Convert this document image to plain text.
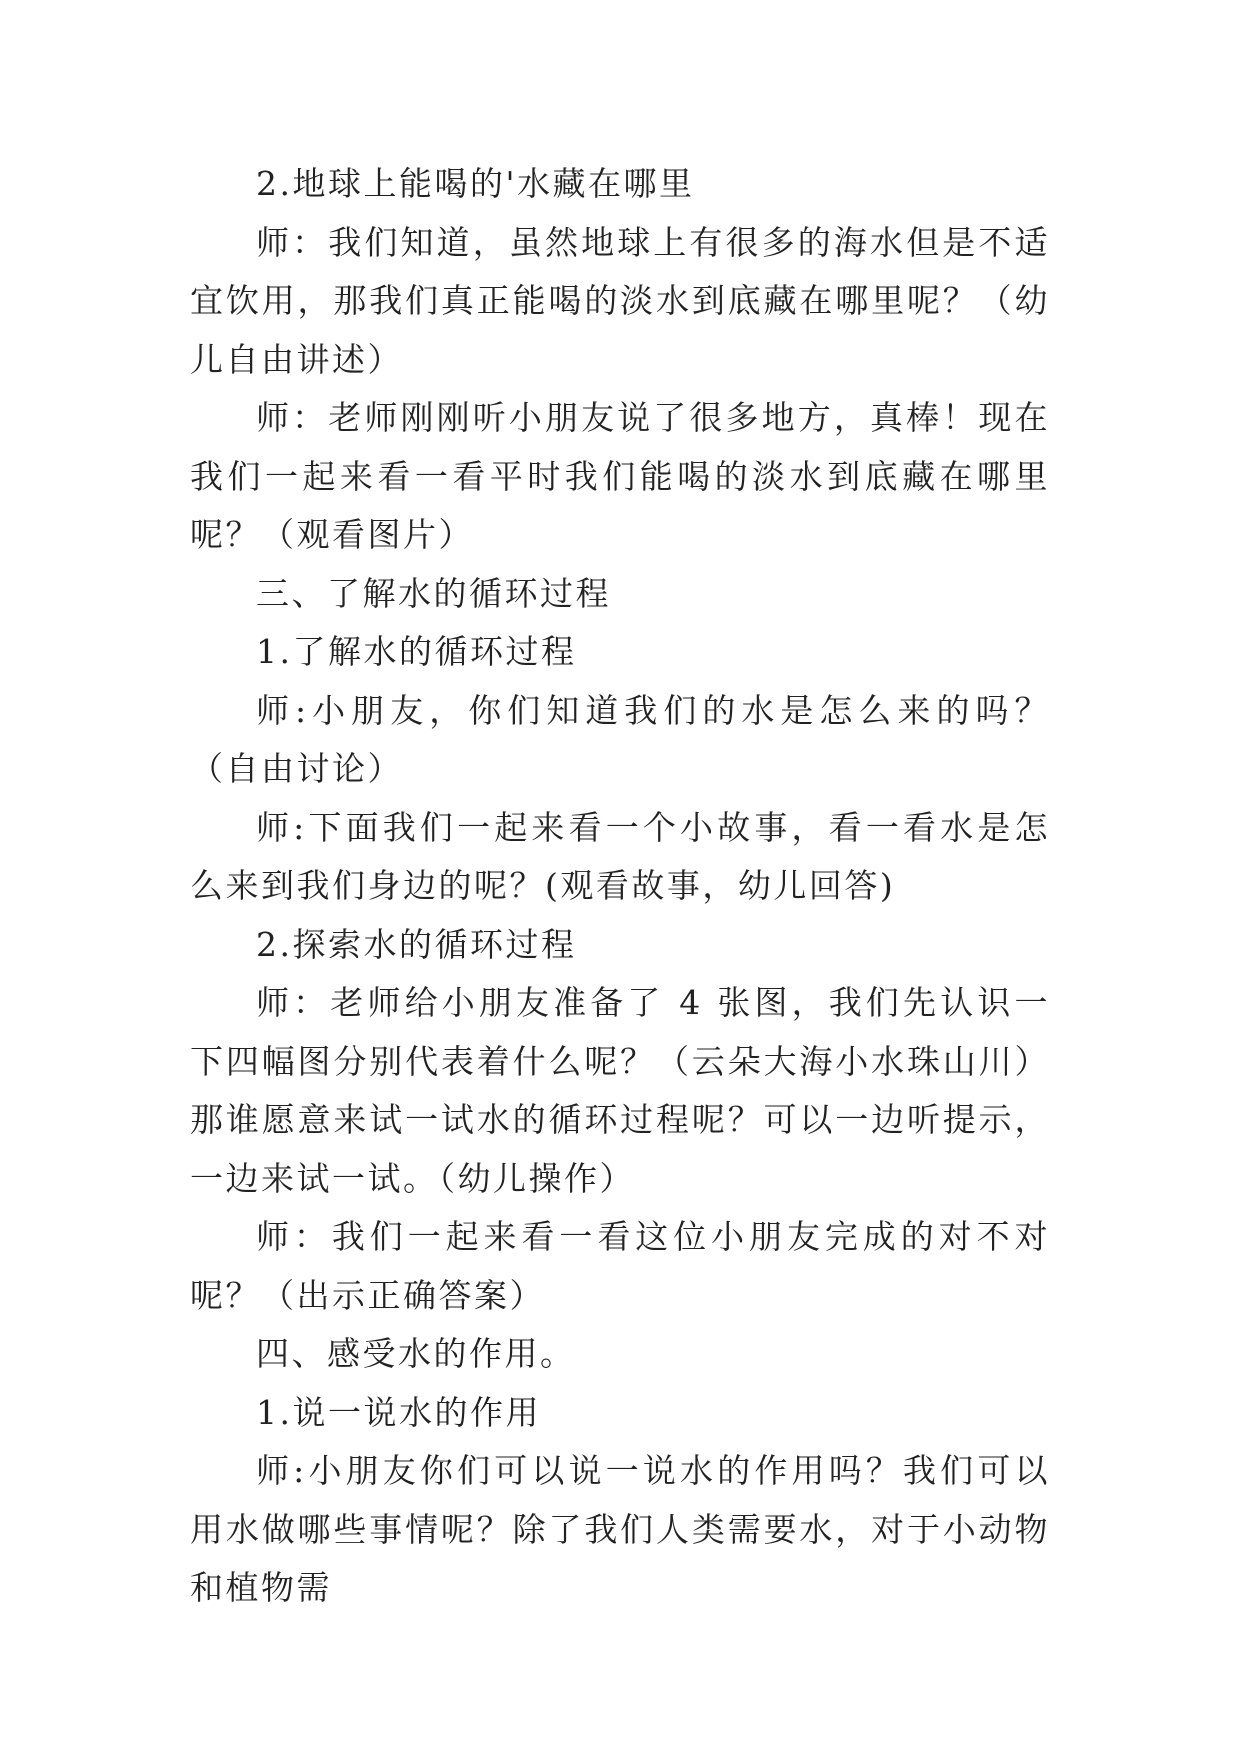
2.地球上能喝的'水藏在哪里

师：我们知道，虽然地球上有很多的海水但是不适宜饮用，那我们真正能喝的淡水到底藏在哪里呢？（幼儿自由讲述）

师：老师刚刚听小朋友说了很多地方，真棒！现在我们一起来看一看平时我们能喝的淡水到底藏在哪里呢？（观看图片）

三、了解水的循环过程

1.了解水的循环过程

师:小朋友，你们知道我们的水是怎么来的吗？（自由讨论）

师:下面我们一起来看一个小故事，看一看水是怎么来到我们身边的呢？(观看故事，幼儿回答)

2.探索水的循环过程

师：老师给小朋友准备了 4 张图，我们先认识一下四幅图分别代表着什么呢？（云朵大海小水珠山川）那谁愿意来试一试水的循环过程呢？可以一边听提示，一边来试一试。（幼儿操作）

师：我们一起来看一看这位小朋友完成的对不对呢？（出示正确答案）

四、感受水的作用。

1.说一说水的作用

师:小朋友你们可以说一说水的作用吗？我们可以用水做哪些事情呢？除了我们人类需要水，对于小动物和植物需
